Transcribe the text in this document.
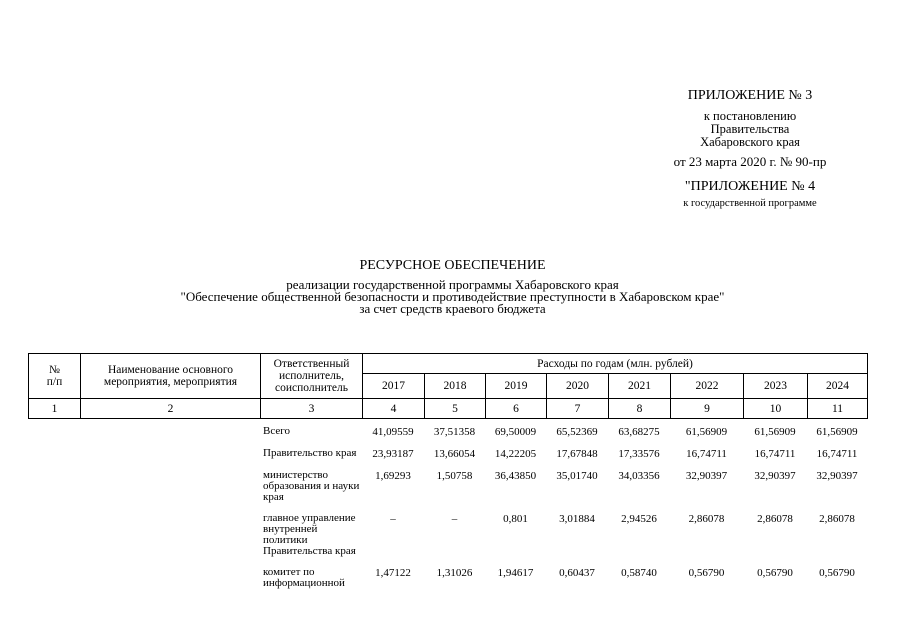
ПРИЛОЖЕНИЕ № 3
к постановлению
Правительства
Хабаровского края
от 23 марта 2020 г. № 90-пр
"ПРИЛОЖЕНИЕ № 4
к государственной программе
РЕСУРСНОЕ ОБЕСПЕЧЕНИЕ
реализации государственной программы Хабаровского края
"Обеспечение общественной безопасности и противодействие преступности в Хабаровском крае"
за счет средств краевого бюджета
№
п/п	Наименование основного мероприятия, мероприятия	Ответственный исполнитель, соисполнитель	Расходы по годам (млн. рублей)							
			2017	2018	2019	2020	2021	2022	2023	2024
1	2	3	4	5	6	7	8	9	10	11
		Всего	41,09559	37,51358	69,50009	65,52369	63,68275	61,56909	61,56909	61,56909
		Правительство края	23,93187	13,66054	14,22205	17,67848	17,33576	16,74711	16,74711	16,74711
		министерство образования и науки края	1,69293	1,50758	36,43850	35,01740	34,03356	32,90397	32,90397	32,90397
		главное управление внутренней политики Правительства края	–	–	0,801	3,01884	2,94526	2,86078	2,86078	2,86078
		комитет по информационной	1,47122	1,31026	1,94617	0,60437	0,58740	0,56790	0,56790	0,56790
